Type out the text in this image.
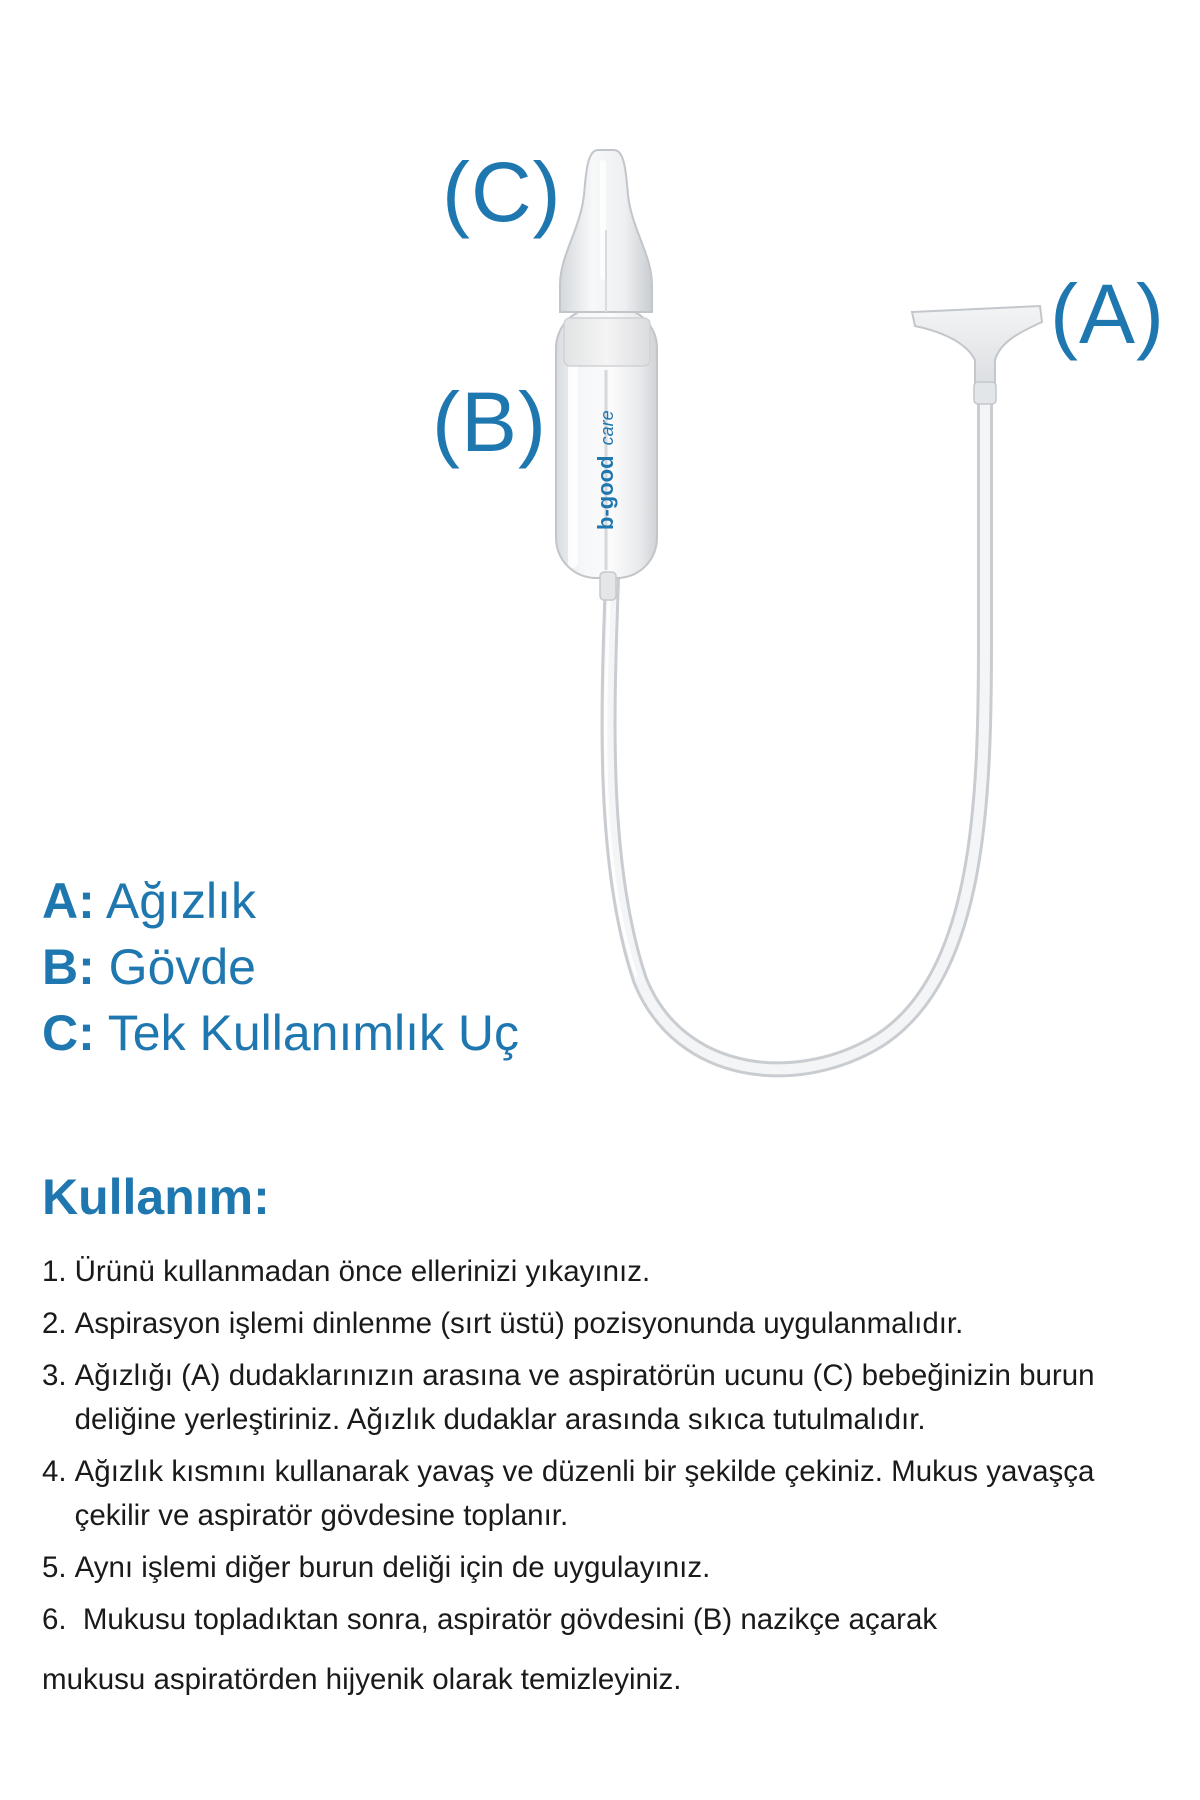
b-good care
(C)
(B)
(A)
A: Ağızlık
B: Gövde
C: Tek Kullanımlık Uç
Kullanım:
1. Ürünü kullanmadan önce ellerinizi yıkayınız.
2. Aspirasyon işlemi dinlenme (sırt üstü) pozisyonunda uygulanmalıdır.
3. Ağızlığı (A) dudaklarınızın arasına ve aspiratörün ucunu (C) bebeğinizin burun deliğine yerleştiriniz. Ağızlık dudaklar arasında sıkıca tutulmalıdır.
4. Ağızlık kısmını kullanarak yavaş ve düzenli bir şekilde çekiniz. Mukus yavaşça çekilir ve aspiratör gövdesine toplanır.
5. Aynı işlemi diğer burun deliği için de uygulayınız.
6. Mukusu topladıktan sonra, aspiratör gövdesini (B) nazikçe açarak
mukusu aspiratörden hijyenik olarak temizleyiniz.
